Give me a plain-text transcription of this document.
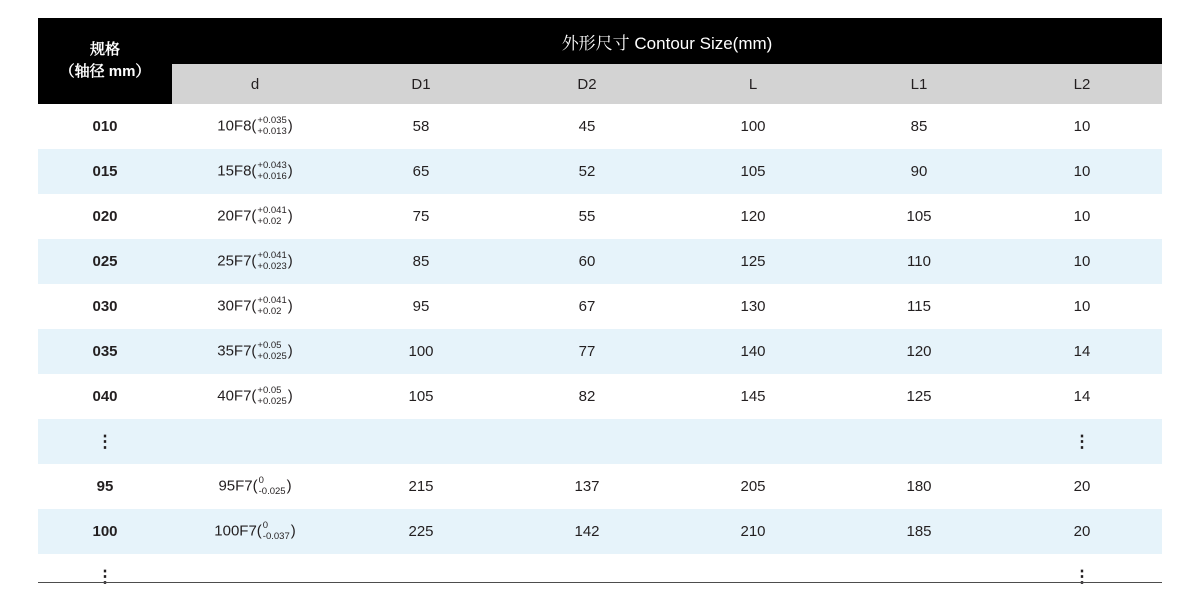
规格
（轴径 mm）	外形尺寸 Contour Size(mm)					
	d	D1	D2	L	L1	L2
010	10F8( +0.035
+0.013 )	58	45	100	85	10
015	15F8( +0.043
+0.016 )	65	52	105	90	10
020	20F7( +0.041
+0.02 )	75	55	120	105	10
025	25F7( +0.041
+0.023 )	85	60	125	110	10
030	30F7( +0.041
+0.02 )	95	67	130	115	10
035	35F7( +0.05
+0.025 )	100	77	140	120	14
040	40F7( +0.05
+0.025 )	105	82	145	125	14
⋮						⋮
95	95F7( 0
-0.025 )	215	137	205	180	20
100	100F7( 0
-0.037 )	225	142	210	185	20
⋮						⋮
